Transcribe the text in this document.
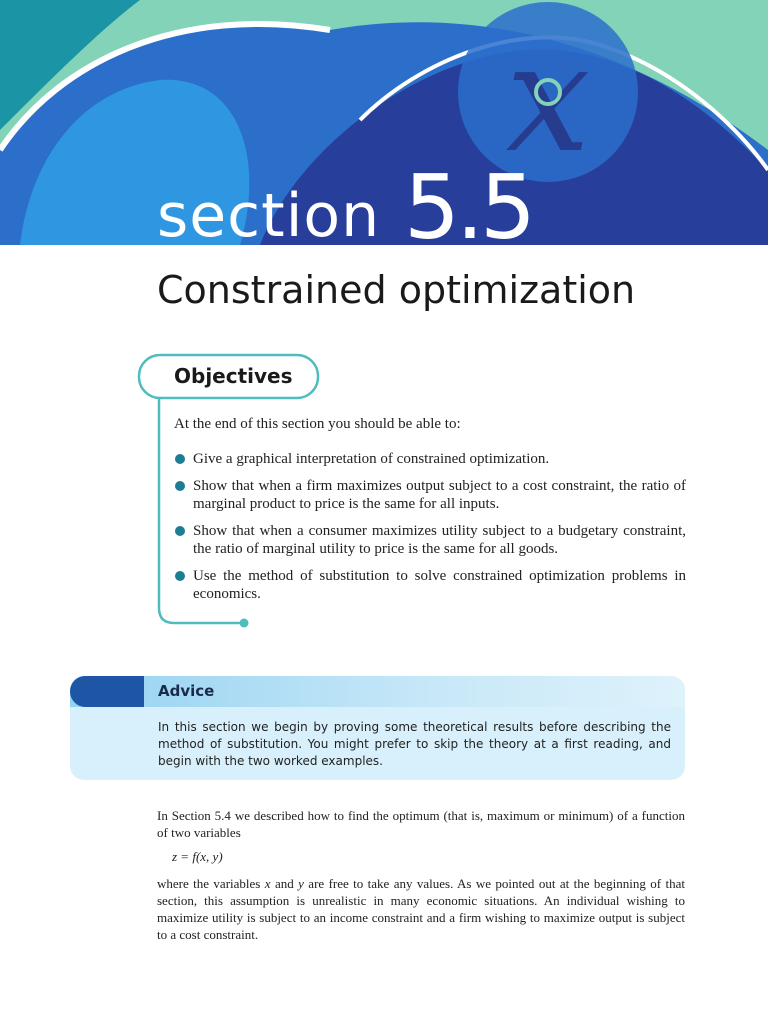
x
section 5.5
Constrained optimization
Objectives
At the end of this section you should be able to:
Give a graphical interpretation of constrained optimization.
Show that when a firm maximizes output subject to a cost constraint, the ratio of marginal product to price is the same for all inputs.
Show that when a consumer maximizes utility subject to a budgetary constraint, the ratio of marginal utility to price is the same for all goods.
Use the method of substitution to solve constrained optimization problems in economics.
Advice

In this section we begin by proving some theoretical results before describing the method of substitution. You might prefer to skip the theory at a first reading, and begin with the two worked examples.

In Section 5.4 we described how to find the optimum (that is, maximum or minimum) of a function of two variables

z = f(x, y)

where the variables x and y are free to take any values. As we pointed out at the beginning of that section, this assumption is unrealistic in many economic situations. An individual wishing to maximize utility is subject to an income constraint and a firm wishing to maximize output is subject to a cost constraint.
